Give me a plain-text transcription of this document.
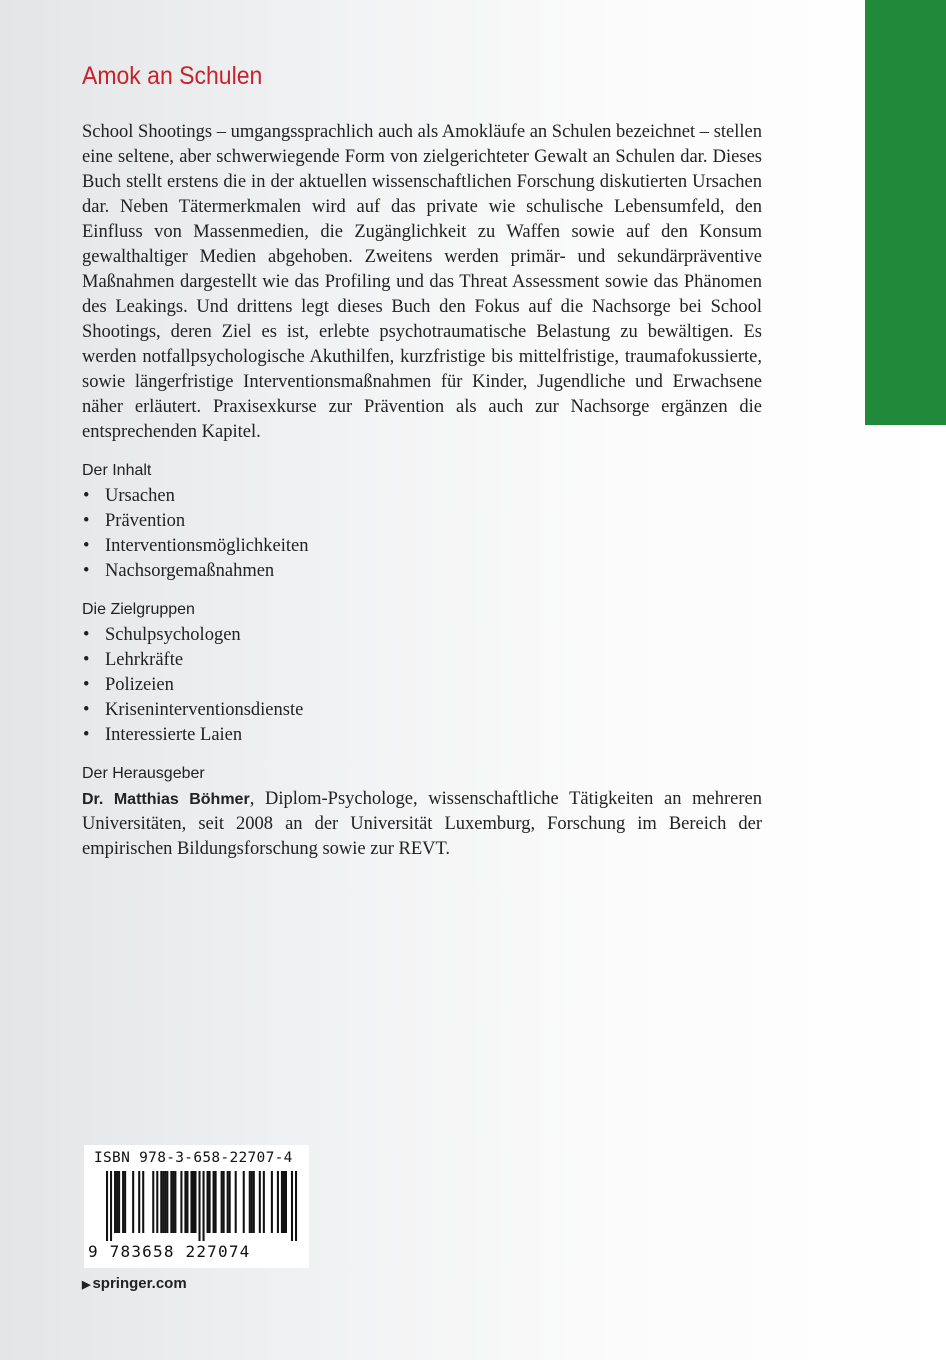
Amok an Schulen

School Shootings – umgangssprachlich auch als Amokläufe an Schulen bezeichnet – stellen eine seltene, aber schwerwiegende Form von zielgerichteter Gewalt an Schulen dar. Dieses Buch stellt erstens die in der aktuellen wissenschaftlichen Forschung diskutierten Ursachen dar. Neben Tätermerkmalen wird auf das private wie schulische Lebensumfeld, den Einfluss von Massenmedien, die Zugänglichkeit zu Waffen sowie auf den Konsum gewalthaltiger Medien abgehoben. Zweitens werden primär- und sekundärpräventive Maßnahmen dargestellt wie das Profiling und das Threat Assessment sowie das Phänomen des Leakings. Und drittens legt dieses Buch den Fokus auf die Nachsorge bei School Shootings, deren Ziel es ist, erlebte psychotraumatische Belastung zu bewältigen. Es werden notfallpsychologische Akuthilfen, kurzfristige bis mittelfristige, traumafokussierte, sowie längerfristige Interventionsmaßnahmen für Kinder, Jugendliche und Erwachsene näher erläutert. Praxisexkurse zur Prävention als auch zur Nachsorge ergänzen die entsprechenden Kapitel.

Der Inhalt
• Ursachen
• Prävention
• Interventionsmöglichkeiten
• Nachsorgemaßnahmen
Die Zielgruppen
• Schulpsychologen
• Lehrkräfte
• Polizeien
• Kriseninterventionsdienste
• Interessierte Laien
Der Herausgeber

Dr. Matthias Böhmer, Diplom-Psychologe, wissenschaftliche Tätigkeiten an mehreren Universitäten, seit 2008 an der Universität Luxemburg, Forschung im Bereich der empirischen Bildungsforschung sowie zur REVT.

ISBN 978-3-658-22707-4
9 783658 227074
▶ springer.com
